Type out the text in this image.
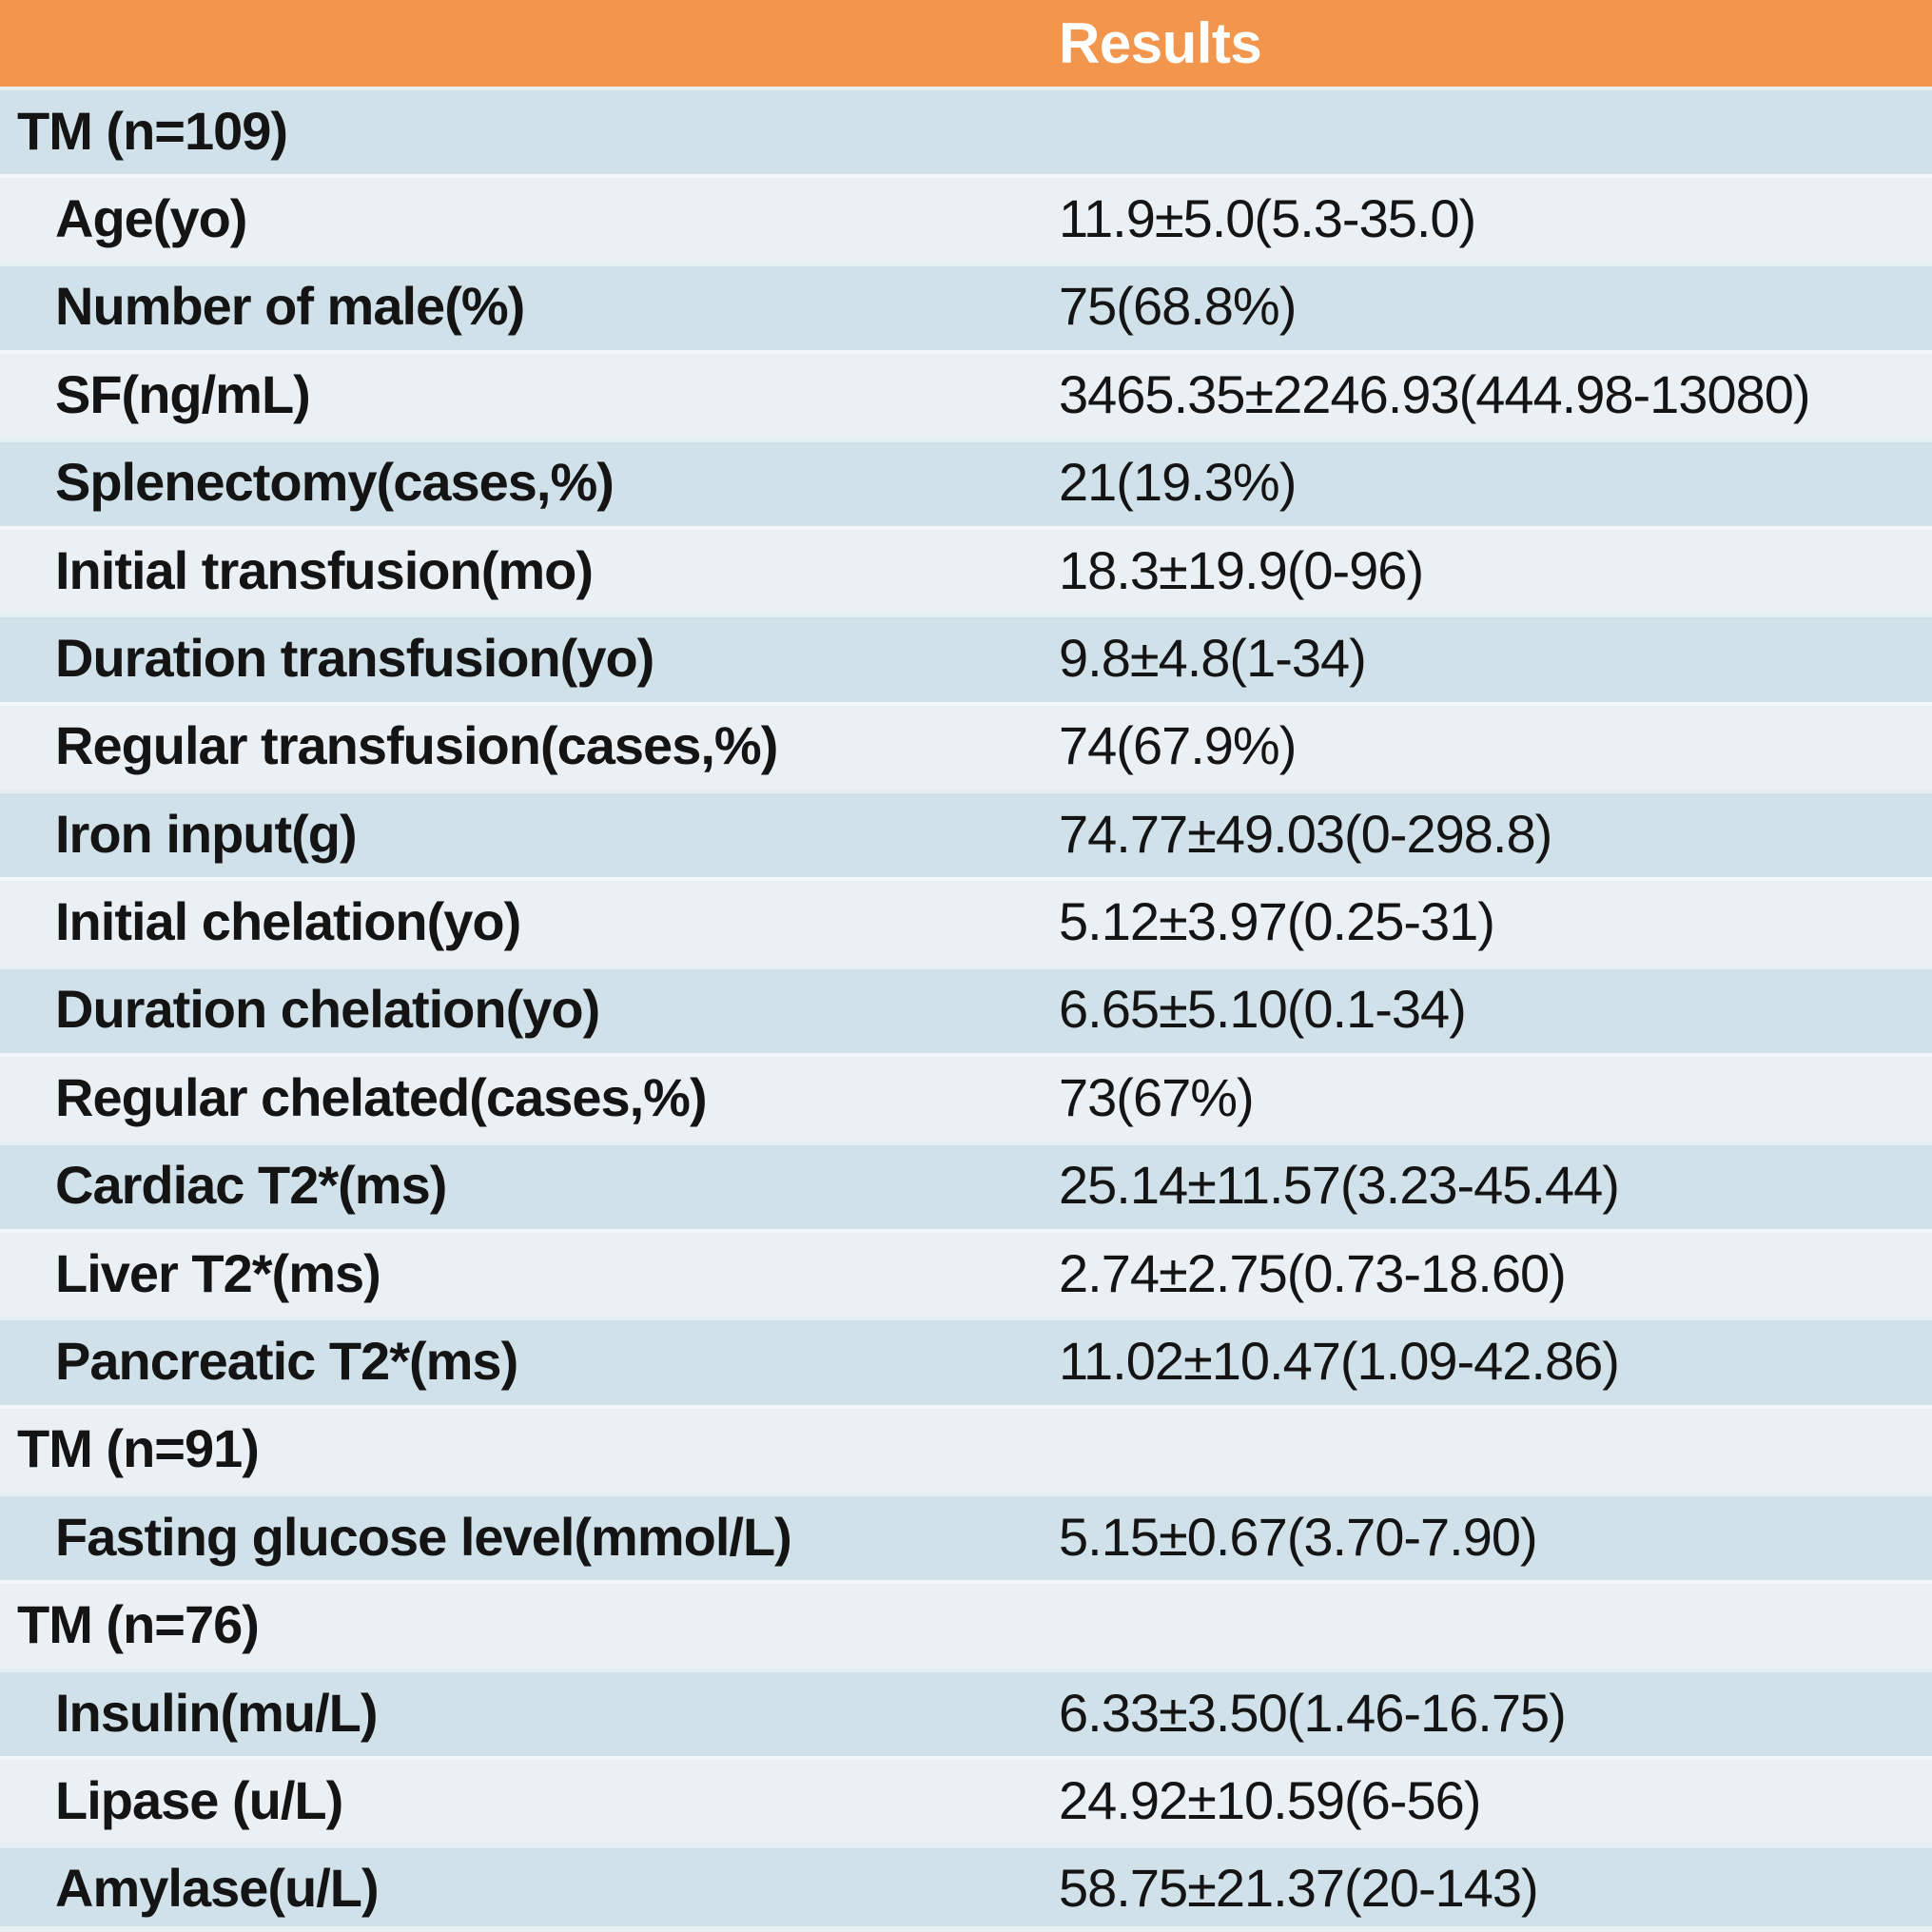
Results
TM (n=109)
Age(yo)	11.9±5.0(5.3-35.0)
Number of male(%)	75(68.8%)
SF(ng/mL)	3465.35±2246.93(444.98-13080)
Splenectomy(cases,%)	21(19.3%)
Initial transfusion(mo)	18.3±19.9(0-96)
Duration transfusion(yo)	9.8±4.8(1-34)
Regular transfusion(cases,%)	74(67.9%)
Iron input(g)	74.77±49.03(0-298.8)
Initial chelation(yo)	5.12±3.97(0.25-31)
Duration chelation(yo)	6.65±5.10(0.1-34)
Regular chelated(cases,%)	73(67%)
Cardiac T2*(ms)	25.14±11.57(3.23-45.44)
Liver T2*(ms)	2.74±2.75(0.73-18.60)
Pancreatic T2*(ms)	11.02±10.47(1.09-42.86)
TM (n=91)
Fasting glucose level(mmol/L)	5.15±0.67(3.70-7.90)
TM (n=76)
Insulin(mu/L)	6.33±3.50(1.46-16.75)
Lipase (u/L)	24.92±10.59(6-56)
Amylase(u/L)	58.75±21.37(20-143)
